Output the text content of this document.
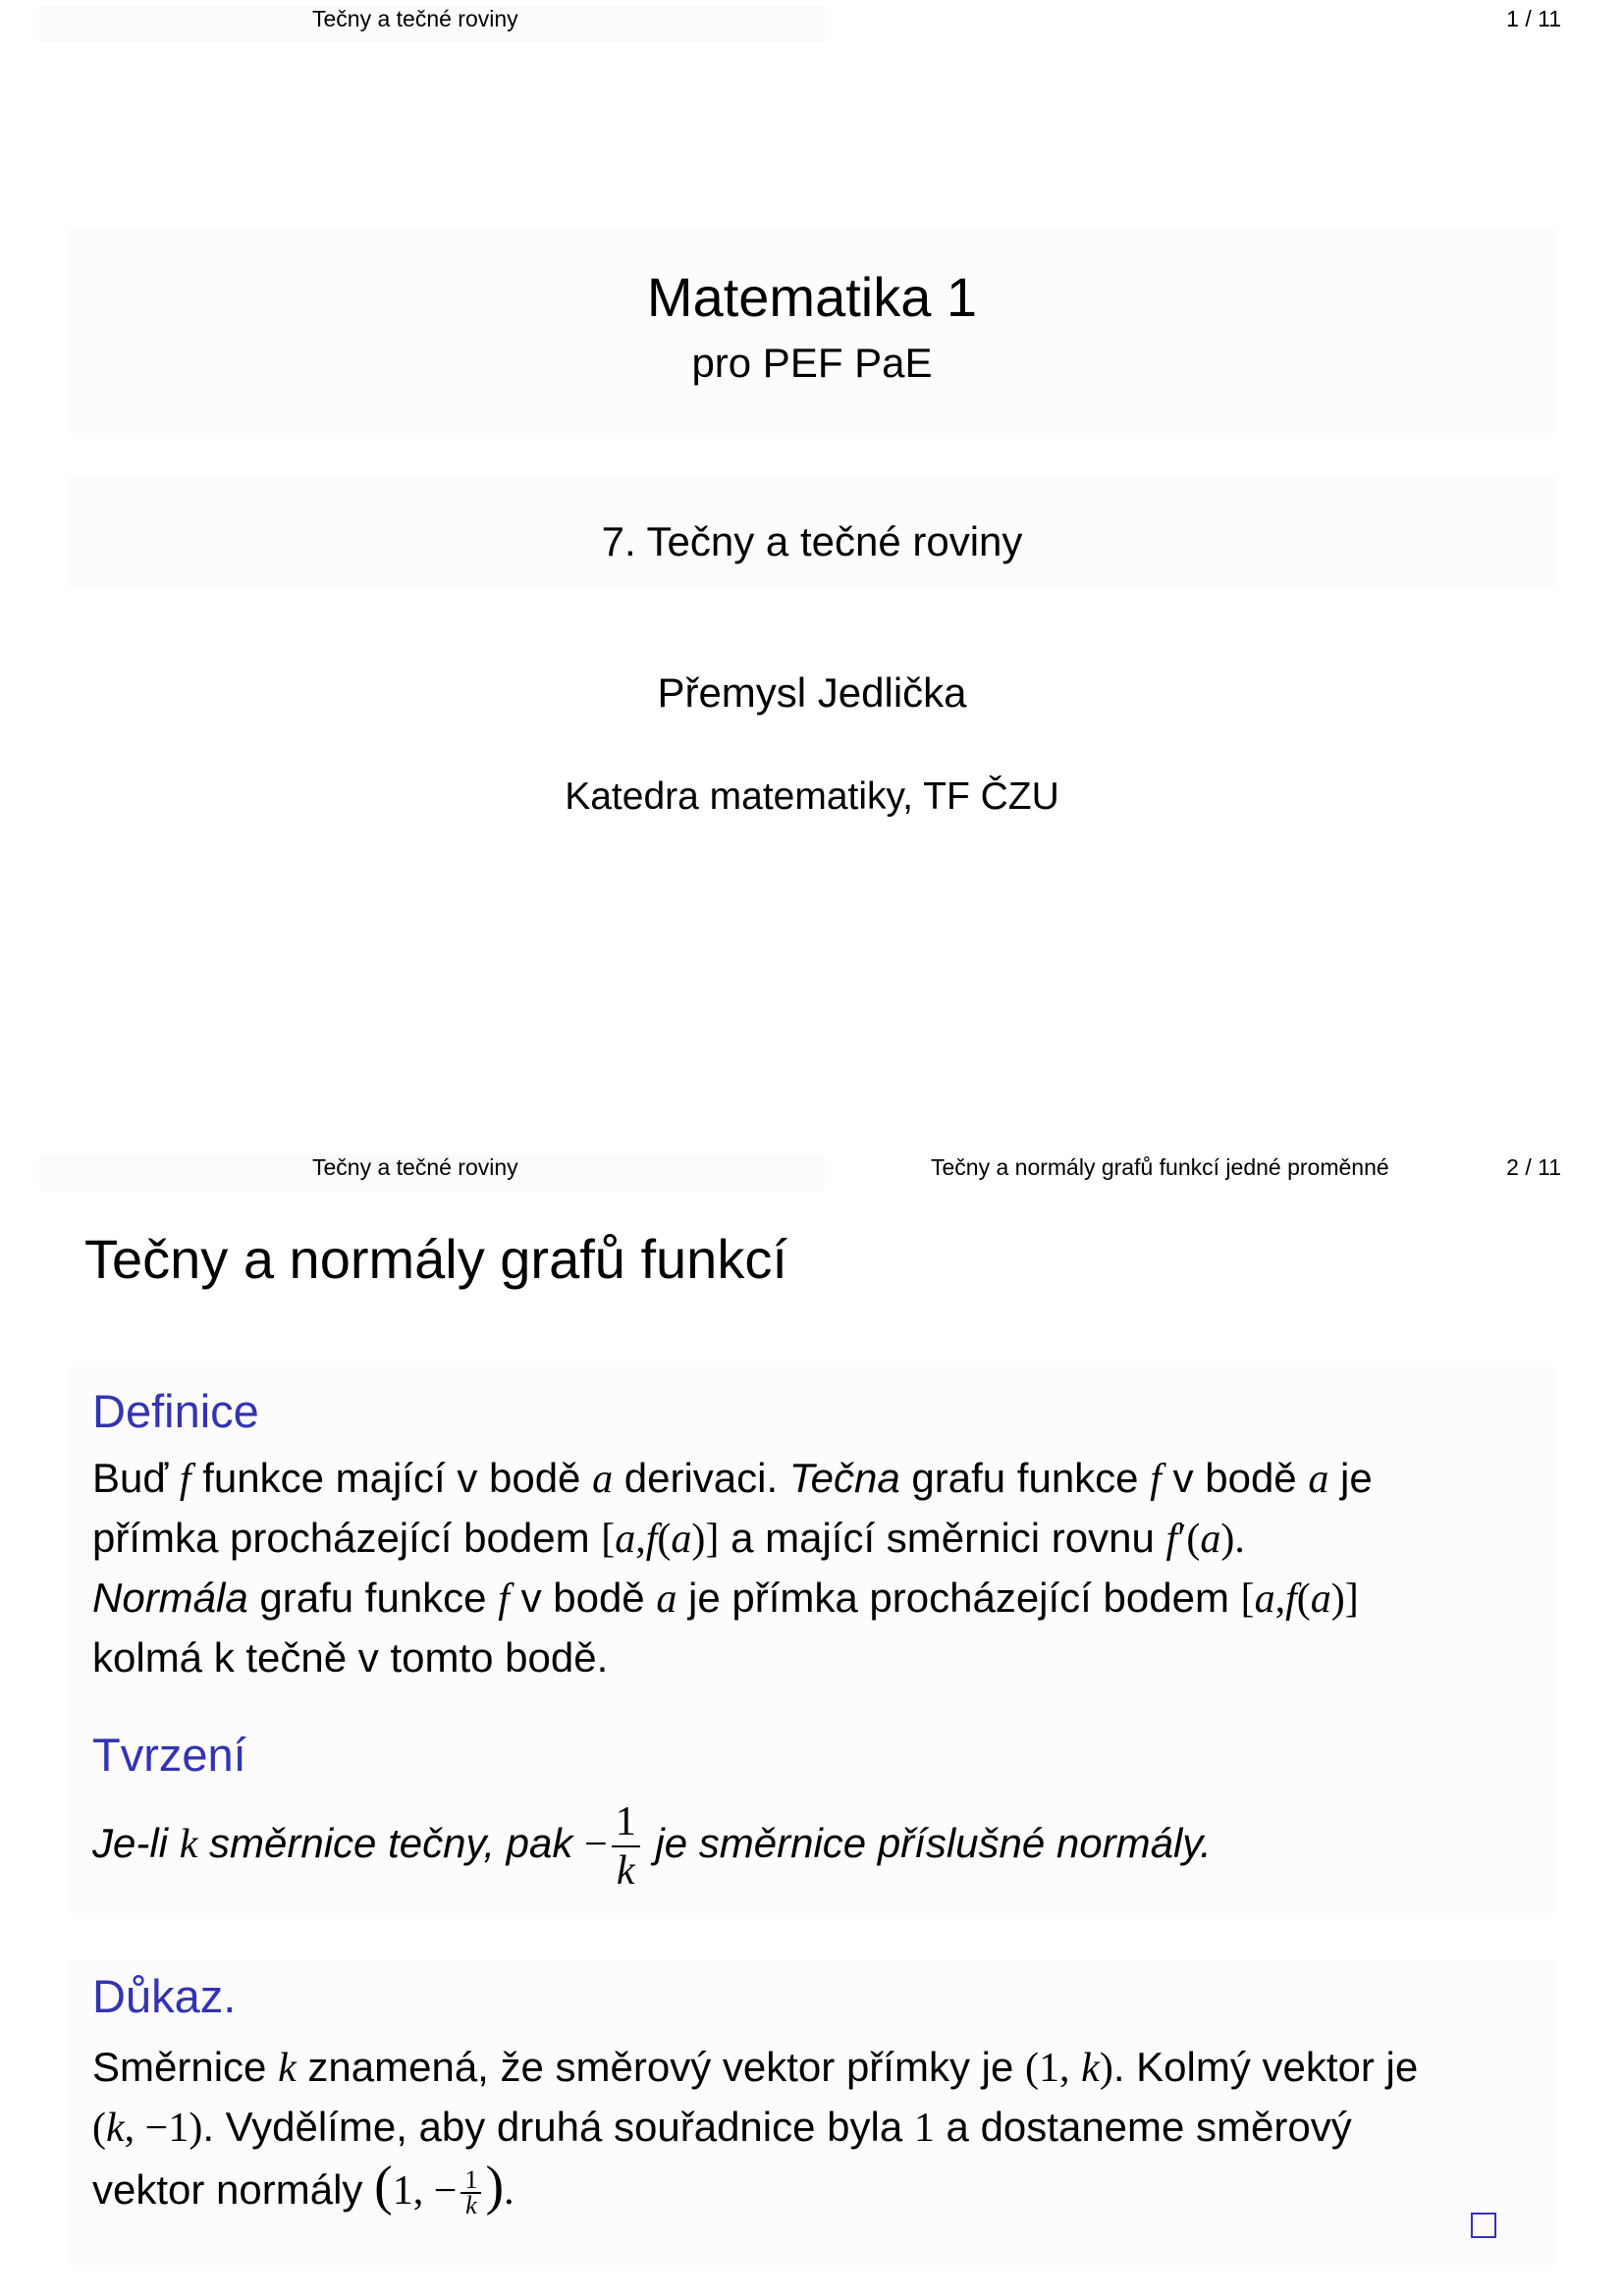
Tečny a tečné roviny	1 / 11
Matematika 1
pro PEF PaE
7. Tečny a tečné roviny
Přemysl Jedlička
Katedra matematiky, TF ČZU
Tečny a tečné roviny	Tečny a normály grafů funkcí jedné proměnné	2 / 11
Tečny a normály grafů funkcí
Definice
Buď f funkce mající v bodě a derivaci. Tečna grafu funkce f v bodě a je
přímka procházející bodem [a,f(a)] a mající směrnici rovnu f′(a).
Normála grafu funkce f v bodě a je přímka procházející bodem [a,f(a)]
kolmá k tečně v tomto bodě.
Tvrzení
Je-li k směrnice tečny, pak − $\frac{1}{k}$ je směrnice příslušné normály.
Důkaz.
Směrnice k znamená, že směrový vektor přímky je (1, k). Kolmý vektor je
(k, −1). Vydělíme, aby druhá souřadnice byla 1 a dostaneme směrový
vektor normály (1, − $\frac{1}{k}$ ).
